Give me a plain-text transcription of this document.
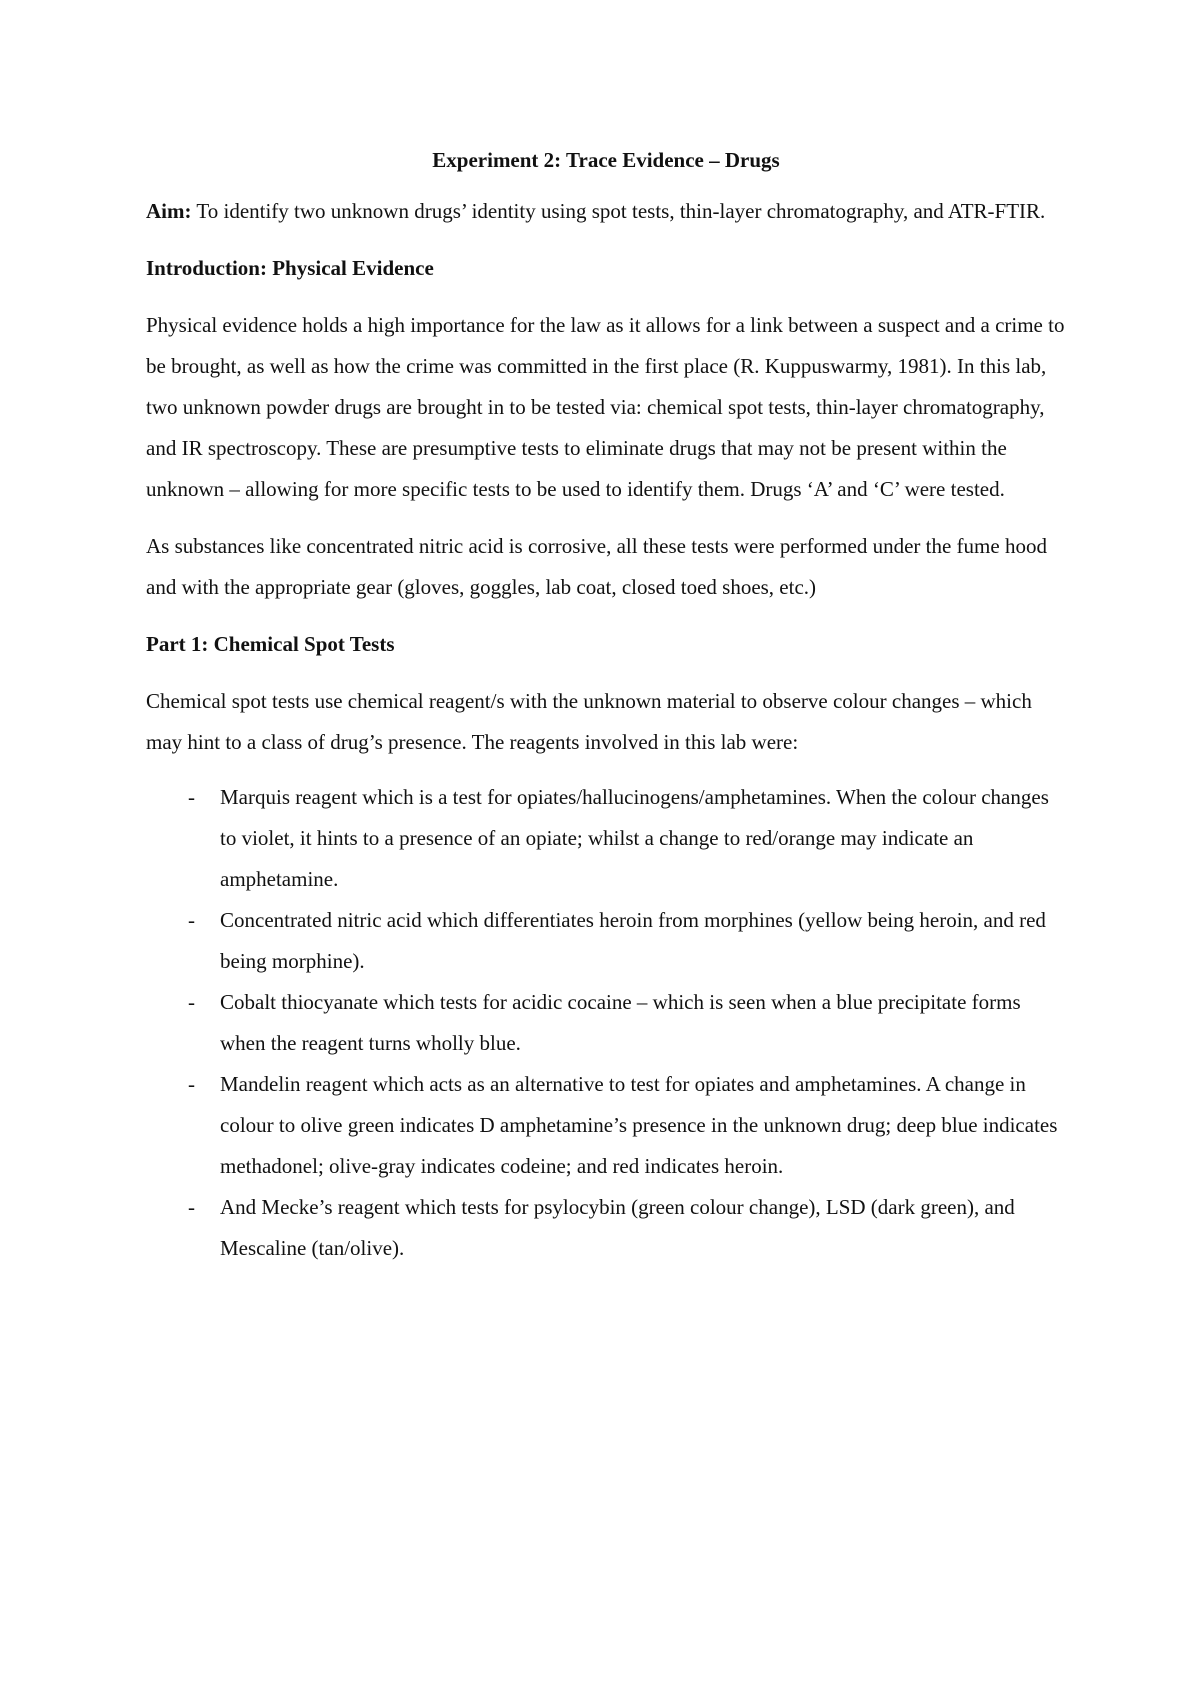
Experiment 2: Trace Evidence – Drugs

Aim: To identify two unknown drugs’ identity using spot tests, thin-layer chromatography, and ATR-FTIR.

Introduction: Physical Evidence

Physical evidence holds a high importance for the law as it allows for a link between a suspect and a crime to be brought, as well as how the crime was committed in the first place (R. Kuppuswarmy, 1981). In this lab, two unknown powder drugs are brought in to be tested via: chemical spot tests, thin-layer chromatography, and IR spectroscopy. These are presumptive tests to eliminate drugs that may not be present within the unknown – allowing for more specific tests to be used to identify them. Drugs ‘A’ and ‘C’ were tested.

As substances like concentrated nitric acid is corrosive, all these tests were performed under the fume hood and with the appropriate gear (gloves, goggles, lab coat, closed toed shoes, etc.)

Part 1: Chemical Spot Tests

Chemical spot tests use chemical reagent/s with the unknown material to observe colour changes – which may hint to a class of drug’s presence. The reagents involved in this lab were:

- Marquis reagent which is a test for opiates/hallucinogens/amphetamines. When the colour changes to violet, it hints to a presence of an opiate; whilst a change to red/orange may indicate an amphetamine.
- Concentrated nitric acid which differentiates heroin from morphines (yellow being heroin, and red being morphine).
- Cobalt thiocyanate which tests for acidic cocaine – which is seen when a blue precipitate forms when the reagent turns wholly blue.
- Mandelin reagent which acts as an alternative to test for opiates and amphetamines. A change in colour to olive green indicates D amphetamine’s presence in the unknown drug; deep blue indicates methadonel; olive-gray indicates codeine; and red indicates heroin.
- And Mecke’s reagent which tests for psylocybin (green colour change), LSD (dark green), and Mescaline (tan/olive).
